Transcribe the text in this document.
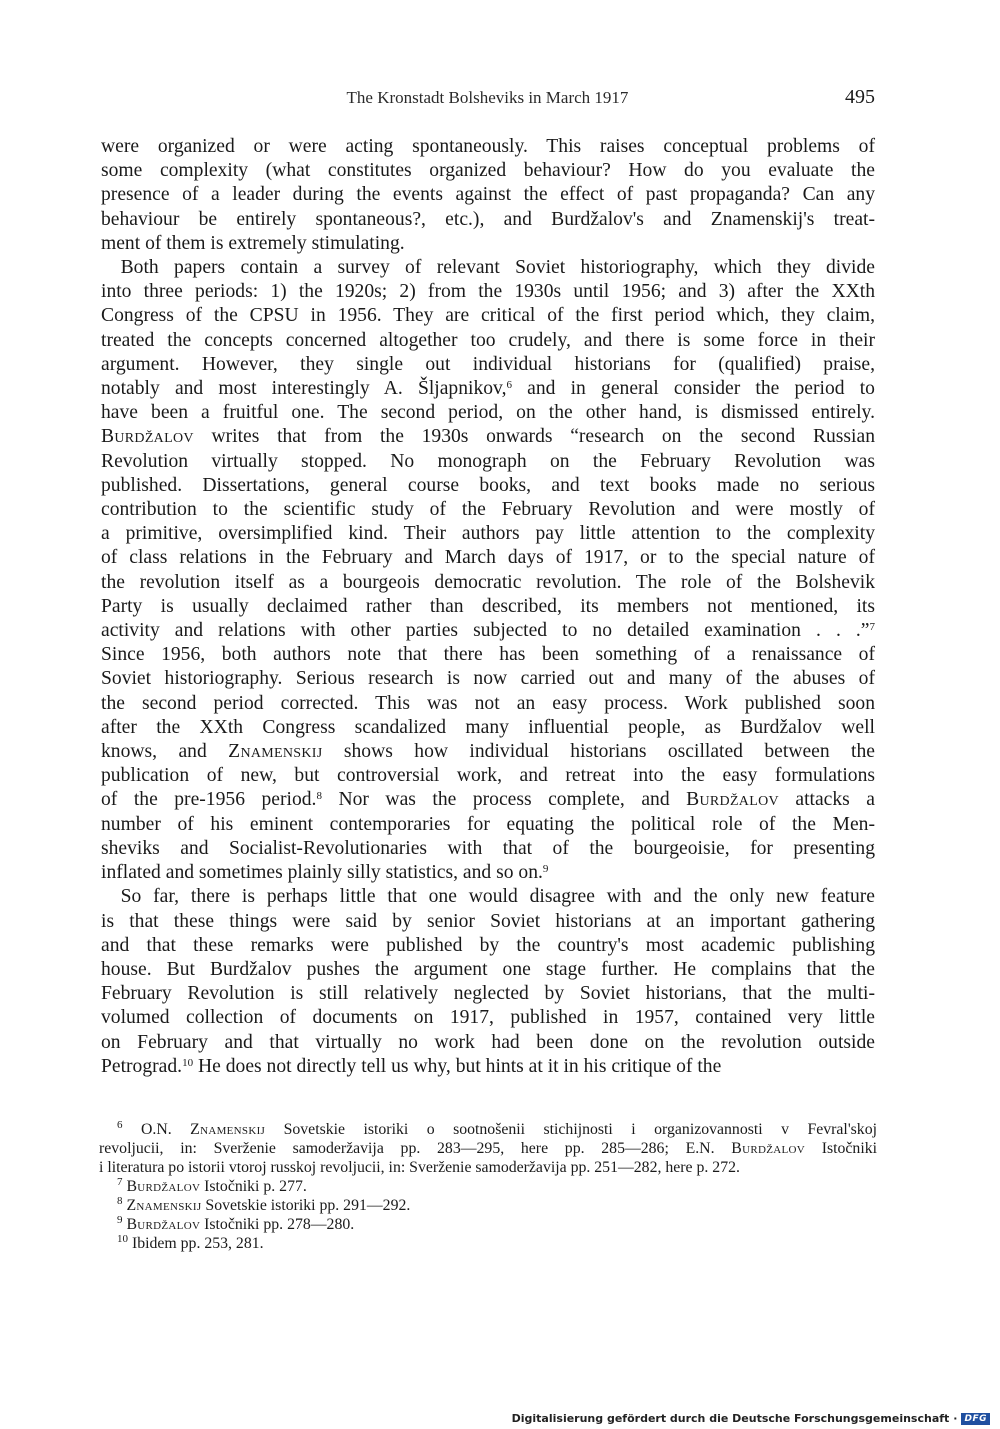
The Kronstadt Bolsheviks in March 1917	495
were organized or were acting spontaneously. This raises conceptual problems of
some complexity (what constitutes organized behaviour? How do you evaluate the
presence of a leader during the events against the effect of past propaganda? Can any
behaviour be entirely spontaneous?, etc.), and Burdžalov's and Znamenskij's treat-
ment of them is extremely stimulating.
 Both papers contain a survey of relevant Soviet historiography, which they divide
into three periods: 1) the 1920s; 2) from the 1930s until 1956; and 3) after the XXth
Congress of the CPSU in 1956. They are critical of the first period which, they claim,
treated the concepts concerned altogether too crudely, and there is some force in their
argument. However, they single out individual historians for (qualified) praise,
notably and most interestingly A. Šljapnikov,$^6$ and in general consider the period to
have been a fruitful one. The second period, on the other hand, is dismissed entirely.
Burdžalov writes that from the 1930s onwards “research on the second Russian
Revolution virtually stopped. No monograph on the February Revolution was
published. Dissertations, general course books, and text books made no serious
contribution to the scientific study of the February Revolution and were mostly of
a primitive, oversimplified kind. Their authors pay little attention to the complexity
of class relations in the February and March days of 1917, or to the special nature of
the revolution itself as a bourgeois democratic revolution. The role of the Bolshevik
Party is usually declaimed rather than described, its members not mentioned, its
activity and relations with other parties subjected to no detailed examination . . .”$^7$
Since 1956, both authors note that there has been something of a renaissance of
Soviet historiography. Serious research is now carried out and many of the abuses of
the second period corrected. This was not an easy process. Work published soon
after the XXth Congress scandalized many influential people, as Burdžalov well
knows, and Znamenskij shows how individual historians oscillated between the
publication of new, but controversial work, and retreat into the easy formulations
of the pre-1956 period.$^8$ Nor was the process complete, and Burdžalov attacks a
number of his eminent contemporaries for equating the political role of the Men-
sheviks and Socialist-Revolutionaries with that of the bourgeoisie, for presenting
inflated and sometimes plainly silly statistics, and so on.$^9$
 So far, there is perhaps little that one would disagree with and the only new feature
is that these things were said by senior Soviet historians at an important gathering
and that these remarks were published by the country's most academic publishing
house. But Burdžalov pushes the argument one stage further. He complains that the
February Revolution is still relatively neglected by Soviet historians, that the multi-
volumed collection of documents on 1917, published in 1957, contained very little
on February and that virtually no work had been done on the revolution outside
Petrograd.$^{10}$ He does not directly tell us why, but hints at it in his critique of the
$^6$ O.N. Znamenskij Sovetskie istoriki o sootnošenii stichijnosti i organizovannosti v Fevral'skoj
revoljucii, in: Sverženie samoderžavija pp. 283—295, here pp. 285—286; E.N. Burdžalov Istočniki
i literatura po istorii vtoroj russkoj revoljucii, in: Sverženie samoderžavija pp. 251—282, here p. 272.
$^7$ Burdžalov Istočniki p. 277.
$^8$ Znamenskij Sovetskie istoriki pp. 291—292.
$^9$ Burdžalov Istočniki pp. 278—280.
$^{10}$ Ibidem pp. 253, 281.
Digitalisierung gefördert durch die Deutsche Forschungsgemeinschaft · DFG
